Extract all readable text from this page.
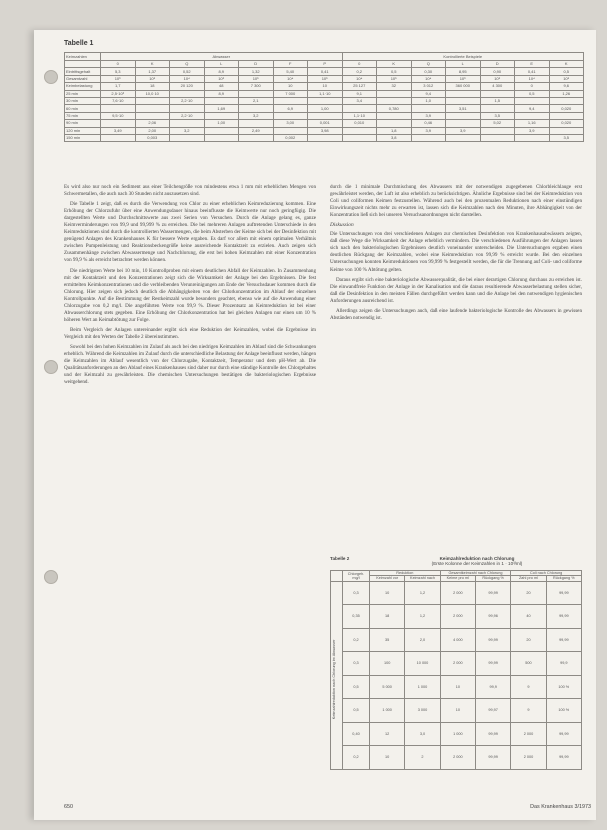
Tabelle 1
Keimzahlen	Abwasser							Kontrollierte Beispiele						
	0	K	Q	L	D	F	P	0	K	Q	L	D	E	K
Eintrittsgehalt	5,3	1,37	0,52	8,9	1,32	5,40	0,41	0,2	0,5	0,30	8,95	0,90	0,41	0,5
Gesamtzahl	10⁶	10⁵	10⁴	10⁶	10⁵	10⁴	10⁵	10⁴	10⁵	10⁴	10⁶	10⁵	10⁴	10⁵
Keimbelastung	1,7	18	20 120	48	7 300	10	10	25 127	32	3 012	360 000	4 300	0	9,6
25 min	2,5·10³	10,0 10		8,9		7 000	1,1·10	9,1		9,4			0,5	1,26
30 min	7,6·10		2,2·10		2,1			3,4		1,0		1,5		
60 min				1,69		6,9	1,00		0,780		3,51		9,4	0,020
75 min	9,5·10		2,2·10		3,2			1,1·10		3,9		3,5		
90 min		2,06		1,00		3,00	0,001	0,010		0,46		5,02	1,16	0,020
120 min	3,49	2,00	3,2		2,49		3,98		1,8	3,9	3,9		3,9	
150 min		0,003				0,002			3,8					3,5

Es wird also nur noch ein Sediment aus einer Teilchengröße von mindestens etwa 1 mm mit erheblichen Mengen von Schwermetallen, die auch nach 30 Stunden nicht auszusetzen sind.

Die Tabelle 1 zeigt, daß es durch die Verwendung von Chlor zu einer erheblichen Keimreduzierung kommen. Eine Erhöhung der Chlorzufuhr über eine Anwendungsdauer hinaus beeinflusste die Keimwerte nur noch geringfügig. Die dargestellten Werte und Durchschnittswerte aus zwei Serien von Versuchen. Durch die Anlage gelang es, ganze Keimverminderungen von 99,9 und 99,999 % zu erreichen. Die bei mehreren Anlagen auftretenden Unterschiede in den Keimreduktionen sind durch die kontrollierten Wassermengen, die beim Absterben der Keime sich bei der Desinfektion mit genügend Anlagen des Krankenhauses K für bessere Werte ergaben. Es darf vor allem mit einem optimalen Verhältnis zwischen Pumpenleistung und Reaktionsbeckengröße keine ausreichende Kontaktzeit zu erzielen. Auch zeigen sich Zusammenhänge zwischen Abwassermenge und Nachchlorung, die erst bei hohen Keimzahlen mit einer Konzentration von 99,9 % als erreicht betrachtet werden können.

Die niedrigsten Werte bei 10 min, 10 Kontrollproben mit einem deutlichen Abfall der Keimzahlen. In Zusammenhang mit der Kontaktzeit und den Konzentrationen zeigt sich die Wirksamkeit der Anlage bei den Ergebnissen. Die fest ermittelten Keimkonzentrationen und die verbleibenden Verunreinigungen am Ende der Versuchsdauer kommen durch die Chlorung. Hier zeigen sich jedoch deutlich die Abhängigkeiten von der Chlorkonzentration im Ablauf der einzelnen Kontrollpunkte. Auf die Bestimmung der Restkeimzahl wurde besonders geachtet, ebenso wie auf die Anwendung einer Chlorzugabe von 0,2 mg/l. Die angeführten Werte von 99,9 %. Dieser Prozentsatz an Keimreduktion ist bei einer Abwasserchlorung stets gegeben. Eine Erhöhung der Chlorkonzentration hat bei gleichen Anlagen nur einen um 10 % höheren Wert an Keimabtötung zur Folge.

Beim Vergleich der Anlagen untereinander ergibt sich eine Reduktion der Keimzahlen, wobei die Ergebnisse im Vergleich mit den Werten der Tabelle 2 übereinstimmen.

Sowohl bei den hohen Keimzahlen im Zulauf als auch bei den niedrigen Keimzahlen im Ablauf sind die Schwankungen erheblich. Während die Keimzahlen im Zulauf durch die unterschiedliche Belastung der Anlage beeinflusst werden, hängen die Keimzahlen im Ablauf wesentlich von der Chlorzugabe, Kontaktzeit, Temperatur und dem pH-Wert ab. Die Qualitätsanforderungen an den Ablauf eines Krankenhauses sind daher nur durch eine ständige Kontrolle des Chlorgehaltes und der Keimzahl zu gewährleisten. Die chemischen Untersuchungen bestätigen die bakteriologischen Ergebnisse weitgehend.

durch die 1 minimale Durchmischung des Abwassers mit der notwendigen zugegebenen Chlorbleichlauge erst gewährleistet werden, der Luft ist also erheblich zu berücksichtigen. Ähnliche Ergebnisse sind bei der Keimreduktion von Coli und coliformen Keimen festzustellen. Während auch bei den prozentualen Reduktionen nach einer einstündigen Einwirkungszeit nichts mehr zu erwarten ist, lassen sich die Keimzahlen nach den Minuten, ihre Abhängigkeit von der Konzentration ließ sich bei unseren Versuchsanordnungen nicht darstellen.

Diskussion

Die Untersuchungen von drei verschiedenen Anlagen zur chemischen Desinfektion von Krankenhausabwässern zeigten, daß diese Wege die Wirksamkeit der Anlage erheblich vermindern. Die verschiedenen Ausführungen der Anlagen lassen sich nach den bakteriologischen Ergebnissen deutlich voneinander unterscheiden. Die Untersuchungen ergaben einen deutlichen Rückgang der Keimzahlen, wobei eine Keimreduktion von 99,99 % erreicht wurde. Bei den einzelnen Untersuchungen konnten Keimreduktionen von 99,999 % festgestellt werden, die für die Trennung auf Coli- und coliforme Keime von 100 % Abtötung gelten.

Daraus ergibt sich eine bakteriologische Abwasserqualität, die bei einer derartigen Chlorung durchaus zu erreichen ist. Die einwandfreie Funktion der Anlage in der Kanalisation und die daraus resultierende Abwasserbelastung stellen sicher, daß die Desinfektion in den meisten Fällen durchgeführt werden kann und die Anlage bei den notwendigen hygienischen Anforderungen ausreichend ist.

Allerdings zeigen die Untersuchungen auch, daß eine laufende bakteriologische Kontrolle des Abwassers in gewissen Abständen notwendig ist.

Tabelle 2	Keimzahlreduktion nach Chlorung
(Erste Kolonne der Keimzahlen in 1 · 10³/ml)
	Chlorgeh. mg/l	Reduktion		Gesamtkeimzahl nach Chlorung		Coli nach Chlorung	
		Keimzahl vor	Keimzahl nach	Keime pro ml	Rückgang %	Zahl pro ml	Rückgang %

Keimzahlreduktion nach Chlorung im Abwasser	0,3	10	1,2	2 000	99,99	20	99,99
	0,35	18	1,2	2 000	99,96	40	99,99
	0,2	35	2,0	4 000	99,99	20	99,99
	0,3	100	10 000	2 000	99,99	500	99,9
	0,5	5 000	1 000	10	99,9	9	100 %
	0,5	1 000	3 000	10	99,97	9	100 %
	0,40	12	3,0	1 000	99,99	2 000	99,99
	0,2	10	2	2 000	99,99	2 000	99,99
650	Das Krankenhaus 3/1973
